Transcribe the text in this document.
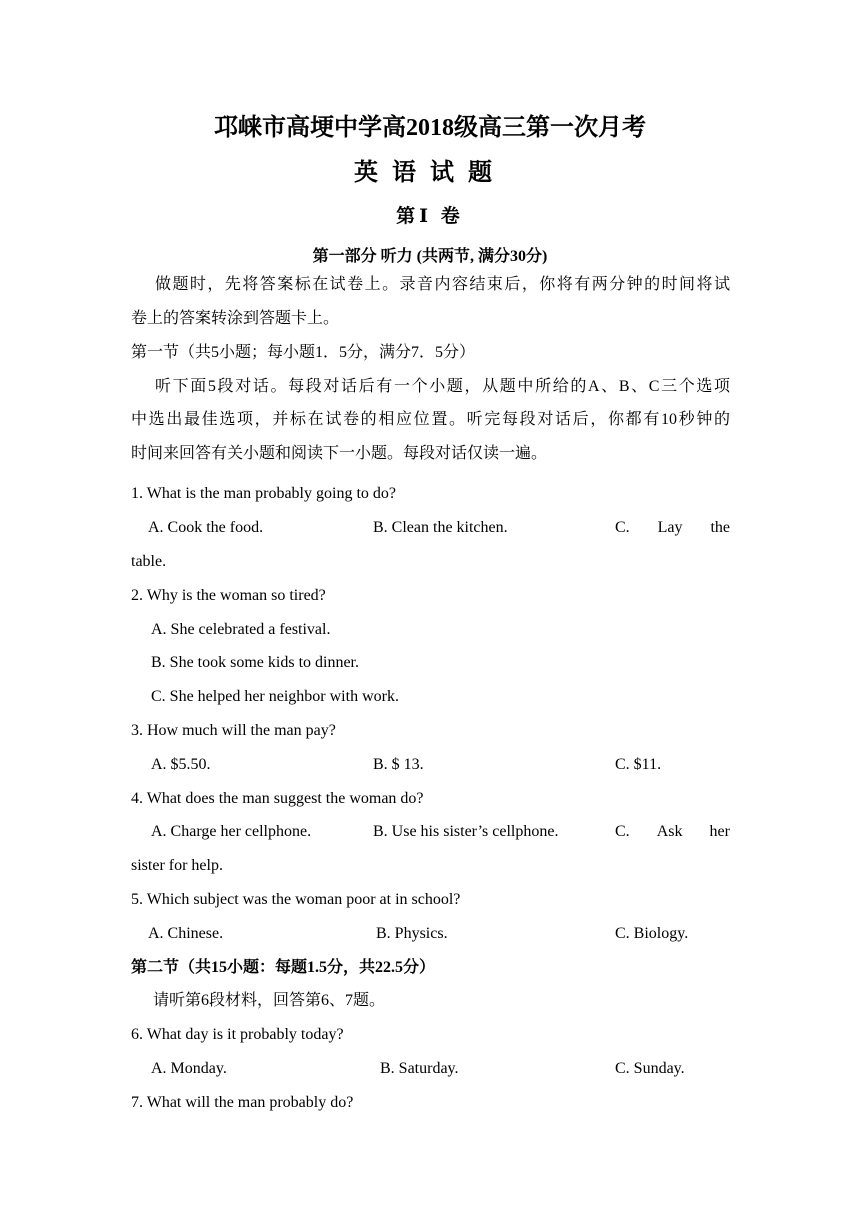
邛崃市高埂中学高2018级高三第一次月考
英语试题
第Ⅰ 卷
第一部分 听力 (共两节, 满分30分)
做题时，先将答案标在试卷上。录音内容结束后，你将有两分钟的时间将试
卷上的答案转涂到答题卡上。
第一节（共5小题；每小题1．5分，满分7．5分）
听下面5段对话。每段对话后有一个小题，从题中所给的A、B、C三个选项
中选出最佳选项，并标在试卷的相应位置。听完每段对话后，你都有10秒钟的
时间来回答有关小题和阅读下一小题。每段对话仅读一遍。
1. What is the man probably going to do?
A. Cook the food.	B. Clean the kitchen.	C. Lay the
table.
2. Why is the woman so tired?
A. She celebrated a festival.
B. She took some kids to dinner.
C. She helped her neighbor with work.
3. How much will the man pay?
A. $5.50.	B. $ 13.	C. $11.
4. What does the man suggest the woman do?
A. Charge her cellphone.	B. Use his sister’s cellphone.	C. Ask her
sister for help.
5. Which subject was the woman poor at in school?
A. Chinese.	B. Physics.	C. Biology.
第二节（共15小题：每题1.5分，共22.5分）
请听第6段材料，回答第6、7题。
6. What day is it probably today?
A. Monday.	B. Saturday.	C. Sunday.
7. What will the man probably do?
